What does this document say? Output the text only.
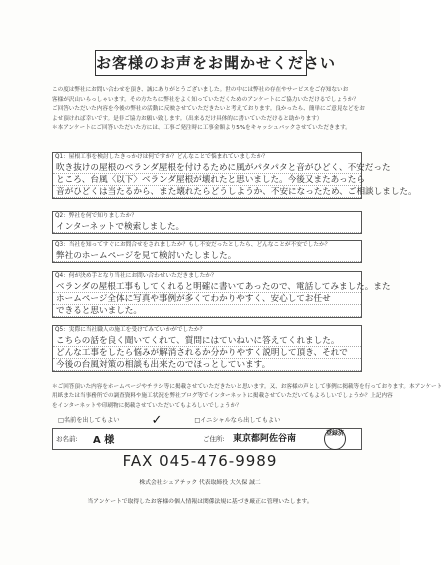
お客様のお声をお聞かせください
この度は弊社にお問い合わせを頂き、誠にありがとうございました。世の中には弊社の存在やサービスをご存知ないお
客様が沢山いらっしゃいます。その方たちに弊社をよく知っていただくためのアンケートにご協力いただけるでしょうか？
ご回答いただいた内容を今後の弊社の活動に反映させていただきたいと考えております。良かったら、簡単にご意見などをお
よせ頂ければ幸いです。是非ご協力お願い致します。（出来るだけ具体的に書いていただけると助かります）
＊本アンケートにご回答いただいた方には、工事ご発注時に工事金額より5%をキャッシュバックさせていただきます。
Q1：屋根工事を検討したきっかけは何ですか？どんなことで悩まれていましたか？
吹き抜けの屋根のベランダ屋根を付けるために風がパタパタと音がひどく、不安だった
ところ、台風〈以下〉ベランダ屋根が壊れたと思いました。今後又またあったら
音がひどくは当たるから、また壊れたらどうしようか、不安になったため、ご相談しました。
Q2：弊社を何で知りましたか？
インターネットで検索しました。
Q3：当社を知ってすぐにお問合せをされましたか？もし不安だったとしたら、どんなことが不安でしたか？
弊社のホームページを見て検討いたしました。
Q4：何が決め手となり当社にお問い合わせいただきましたか？
ベランダの屋根工事もしてくれると明確に書いてあったので、電話してみました。また
ホームページ全体に写真や事例が多くてわかりやすく、安心してお任せ
できると思いました。
Q5：実際に当社職人の施工を受けてみていかがでしたか？
こちらの話を良く聞いてくれて、質問にはていねいに答えてくれました。
どんな工事をしたら悩みが解消されるか分かりやすく説明して頂き、それで
今後の台風対策の相談も出来たのでほっとしています。
＊ご回答頂いた内容をホームページやチラシ等に掲載させていただきたいと思います。又、お客様の声として事例に掲載等を行っております。本アンケート
用紙または当事務所での調査資料や施工状況を弊社ブログ等でインターネットに掲載させていただいてもよろしいでしょうか？上記内容
をインターネットや印刷物に掲載させていただいてもよろしいでしょうか？
□名前を出してもよい ✓	□イニシャルなら出してもよい
お名前: A 様	ご住所: 東京都阿佐谷南
登録済
FAX 045-476-9989
株式会社シェアテック 代表取締役 大久保 誠二
当アンケートで取得したお客様の個人情報は関係法規に基づき厳正に管理いたします。
